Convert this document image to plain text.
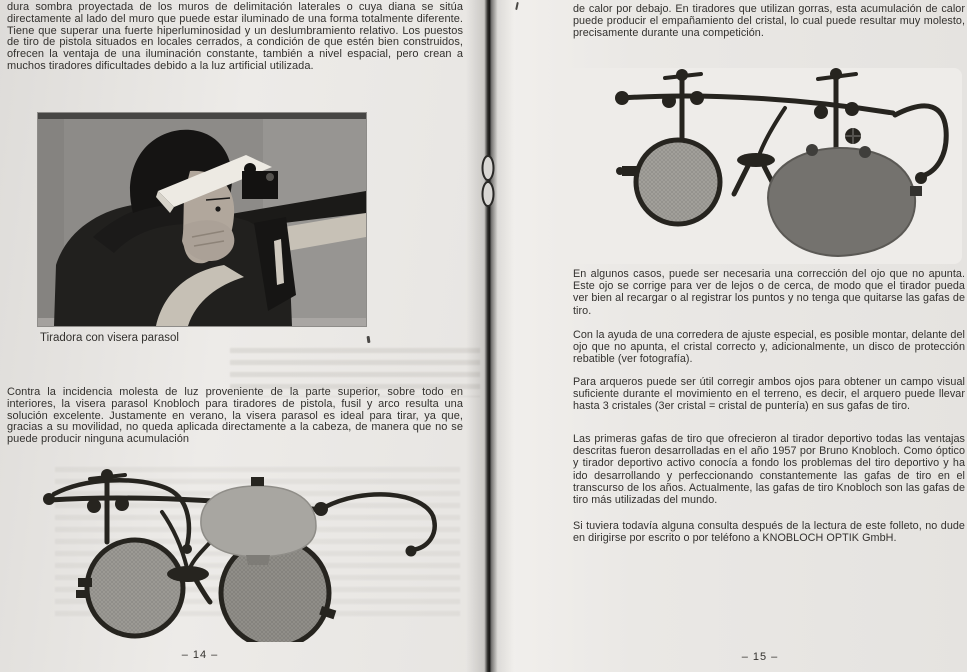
dura sombra proyectada de los muros de delimitación laterales o cuya diana se sitúa directamente al lado del muro que puede estar iluminado de una forma totalmente diferente. Tiene que superar una fuerte hiperluminosidad y un deslumbramiento relativo. Los puestos de tiro de pistola situados en locales cerrados, a condición de que estén bien construidos, ofrecen la ventaja de una iluminación constante, también a nivel espacial, pero crean a muchos tiradores dificultades debido a la luz artificial utilizada.

Tiradora con visera parasol

Contra la incidencia molesta de luz proveniente de la parte superior, sobre todo en interiores, la visera parasol Knobloch para tiradores de pistola, fusil y arco resulta una solución excelente. Justamente en verano, la visera parasol es ideal para tirar, ya que, gracias a su movilidad, no queda aplicada directamente a la cabeza, de manera que no se puede producir ninguna acumulación

– 14 –

de calor por debajo. En tiradores que utilizan gorras, esta acumulación de calor puede producir el empañamiento del cristal, lo cual puede resultar muy molesto, precisamente durante una competición.

En algunos casos, puede ser necesaria una corrección del ojo que no apunta. Este ojo se corrige para ver de lejos o de cerca, de modo que el tirador pueda ver bien al recargar o al registrar los puntos y no tenga que quitarse las gafas de tiro.

Con la ayuda de una corredera de ajuste especial, es posible montar, delante del ojo que no apunta, el cristal correcto y, adicionalmente, un disco de protección rebatible (ver fotografía).

Para arqueros puede ser útil corregir ambos ojos para obtener un campo visual suficiente durante el movimiento en el terreno, es decir, el arquero puede llevar hasta 3 cristales (3er cristal = cristal de puntería) en sus gafas de tiro.

Las primeras gafas de tiro que ofrecieron al tirador deportivo todas las ventajas descritas fueron desarrolladas en el año 1957 por Bruno Knobloch. Como óptico y tirador deportivo activo conocía a fondo los problemas del tiro deportivo y ha ido desarrollando y perfeccionando constantemente las gafas de tiro en el transcurso de los años. Actualmente, las gafas de tiro Knobloch son las gafas de tiro más utilizadas del mundo.

Si tuviera todavía alguna consulta después de la lectura de este folleto, no dude en dirigirse por escrito o por teléfono a KNOBLOCH OPTIK GmbH.

– 15 –
